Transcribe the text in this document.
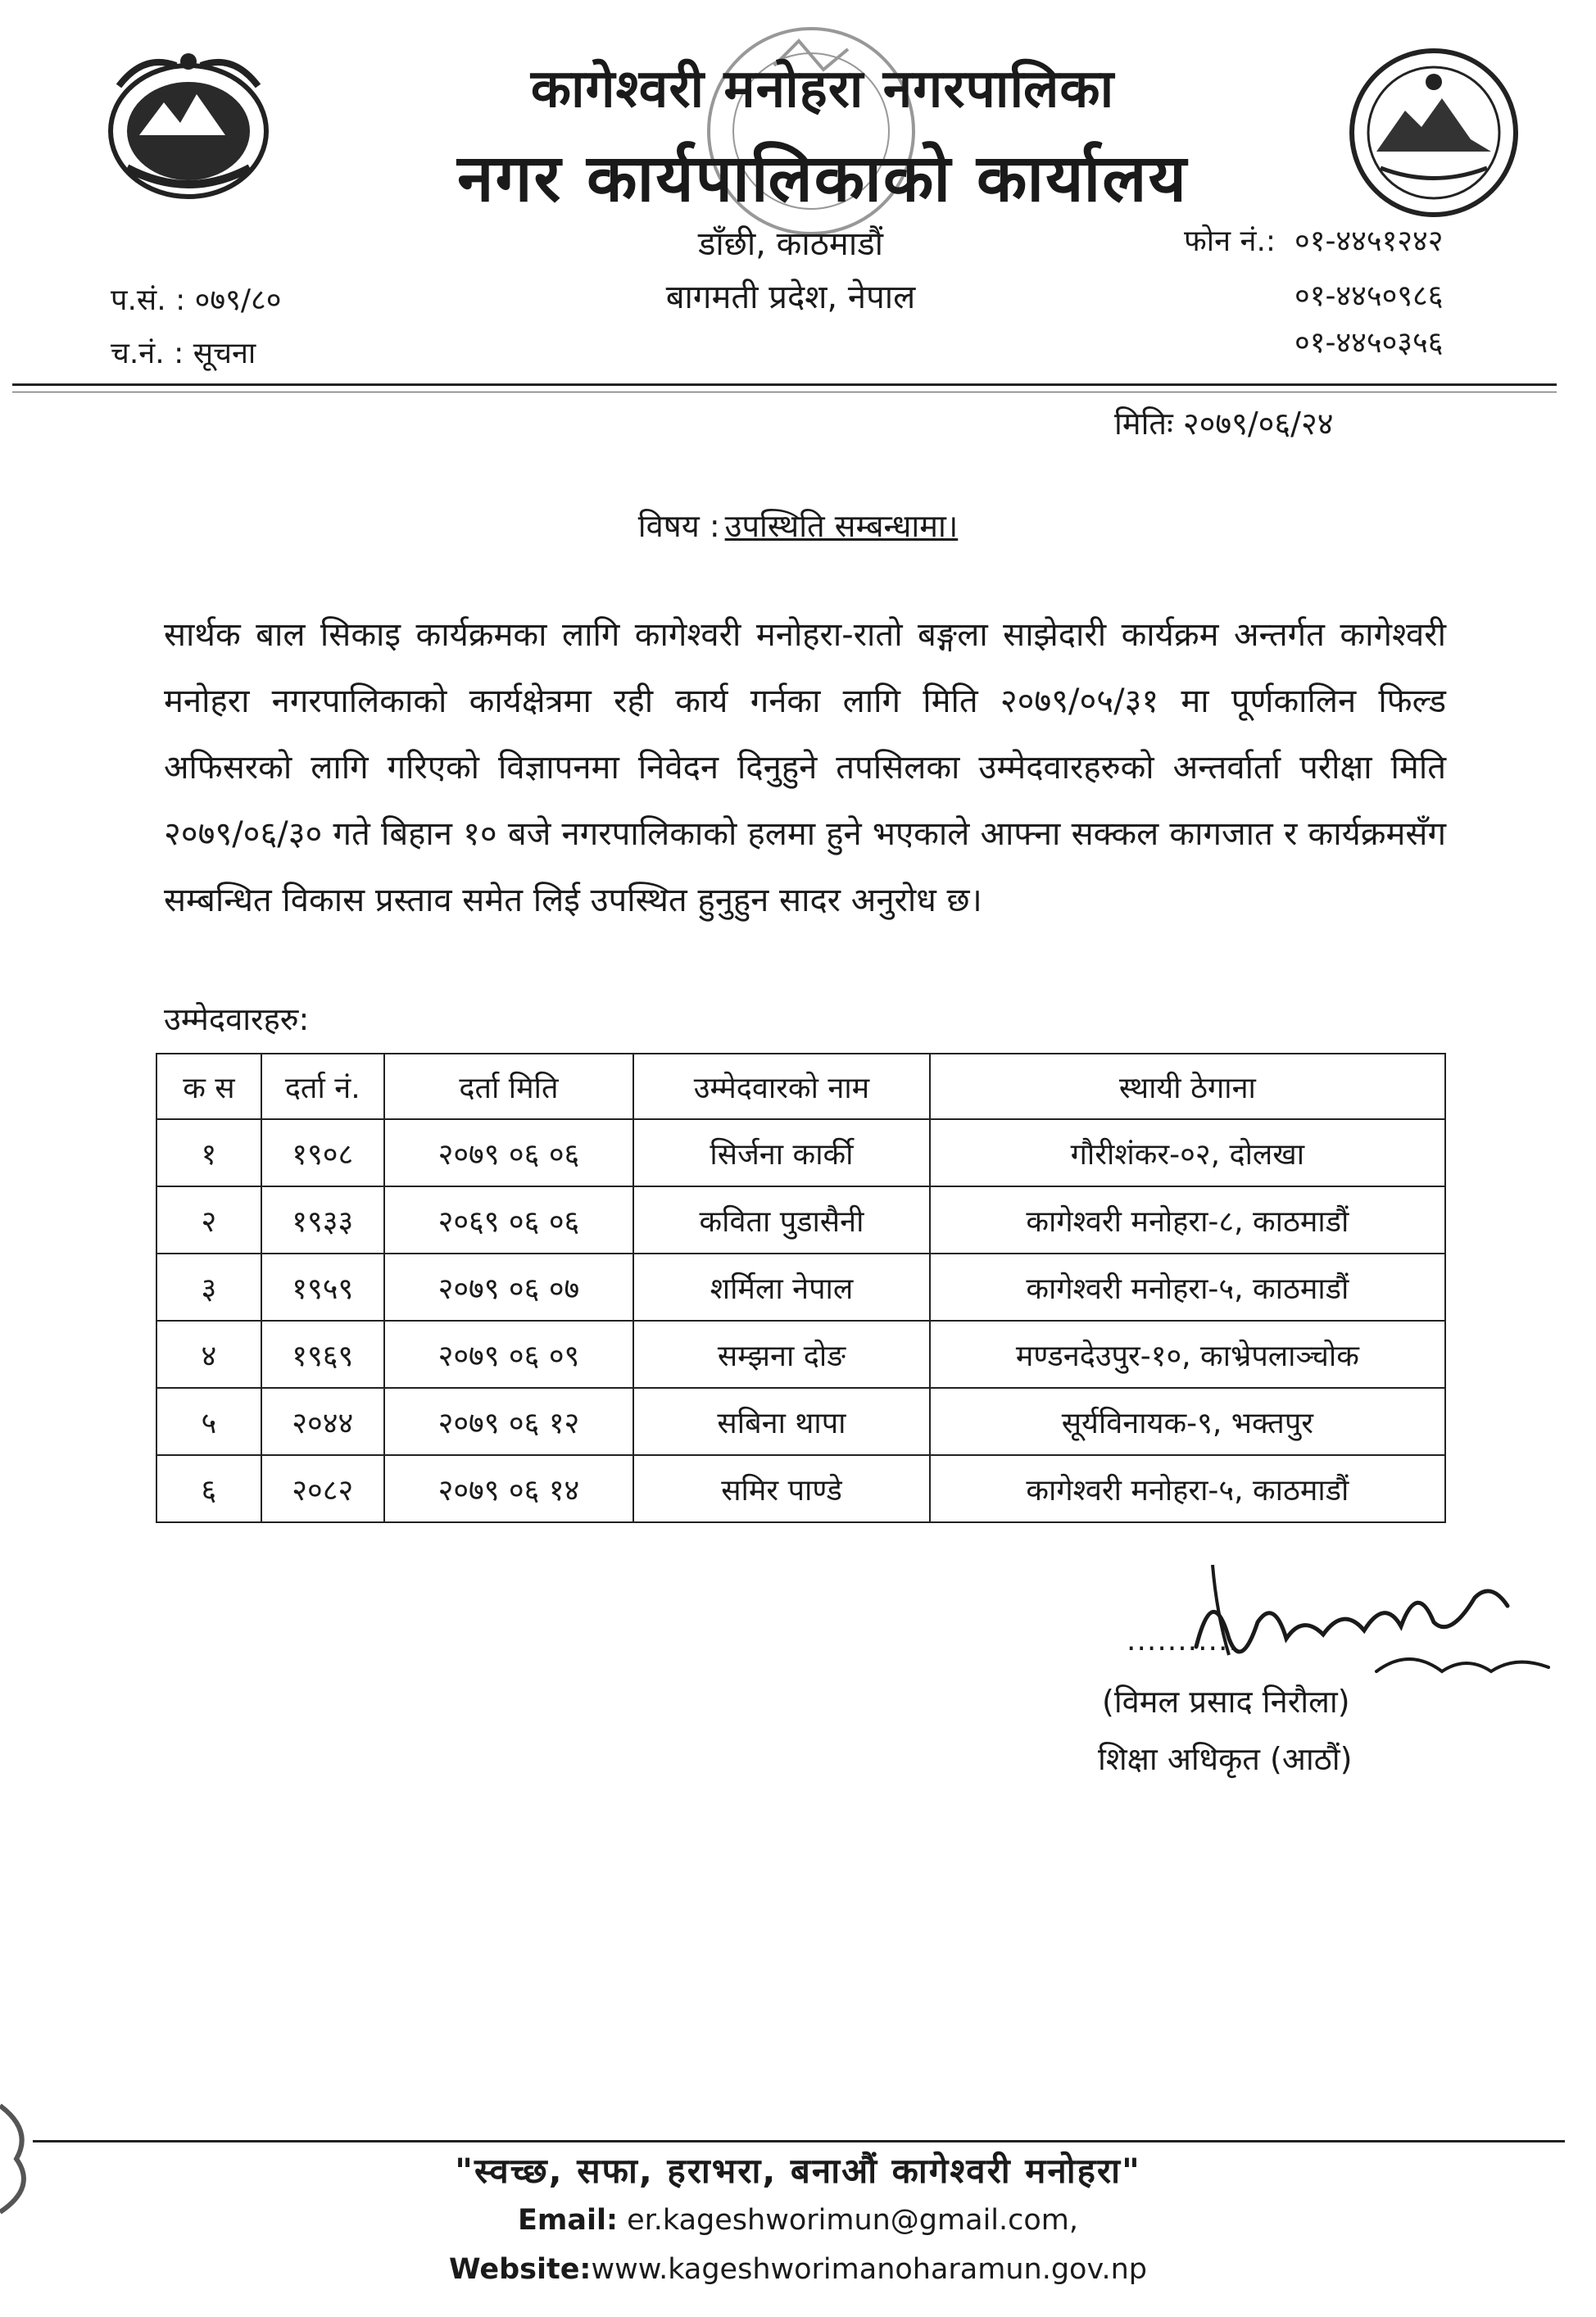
कागेश्वरी मनोहरा नगरपालिका
नगर कार्यपालिकाको कार्यालय
डाँछी, काठमाडौं
बागमती प्रदेश, नेपाल
प.सं. : ०७९/८०
च.नं. : सूचना
फोन नं.: ०१-४४५१२४२
०१-४४५०९८६
०१-४४५०३५६
मितिः २०७९/०६/२४
विषय : उपस्थिति सम्बन्धामा।
सार्थक बाल सिकाइ कार्यक्रमका लागि कागेश्वरी मनोहरा-रातो बङ्गला साझेदारी कार्यक्रम अन्तर्गत कागेश्वरी मनोहरा नगरपालिकाको कार्यक्षेत्रमा रही कार्य गर्नका लागि मिति २०७९/०५/३१ मा पूर्णकालिन फिल्ड अफिसरको लागि गरिएको विज्ञापनमा निवेदन दिनुहुने तपसिलका उम्मेदवारहरुको अन्तर्वार्ता परीक्षा मिति २०७९/०६/३० गते बिहान १० बजे नगरपालिकाको हलमा हुने भएकाले आफ्ना सक्कल कागजात र कार्यक्रमसँग सम्बन्धित विकास प्रस्ताव समेत लिई उपस्थित हुनुहुन सादर अनुरोध छ।
उम्मेदवारहरु:
क स	दर्ता नं.	दर्ता मिति	उम्मेदवारको नाम	स्थायी ठेगाना
१	१९०८	२०७९ ०६ ०६	सिर्जना कार्की	गौरीशंकर-०२, दोलखा
२	१९३३	२०६९ ०६ ०६	कविता पुडासैनी	कागेश्वरी मनोहरा-८, काठमाडौं
३	१९५९	२०७९ ०६ ०७	शर्मिला नेपाल	कागेश्वरी मनोहरा-५, काठमाडौं
४	१९६९	२०७९ ०६ ०९	सम्झना दोङ	मण्डनदेउपुर-१०, काभ्रेपलाञ्चोक
५	२०४४	२०७९ ०६ १२	सबिना थापा	सूर्यविनायक-९, भक्तपुर
६	२०८२	२०७९ ०६ १४	समिर पाण्डे	कागेश्वरी मनोहरा-५, काठमाडौं
...........
(विमल प्रसाद निरौला)
शिक्षा अधिकृत (आठौं)
"स्वच्छ, सफा, हराभरा, बनाऔं कागेश्वरी मनोहरा"
Email: er.kageshworimun@gmail.com,
Website:www.kageshworimanoharamun.gov.np
